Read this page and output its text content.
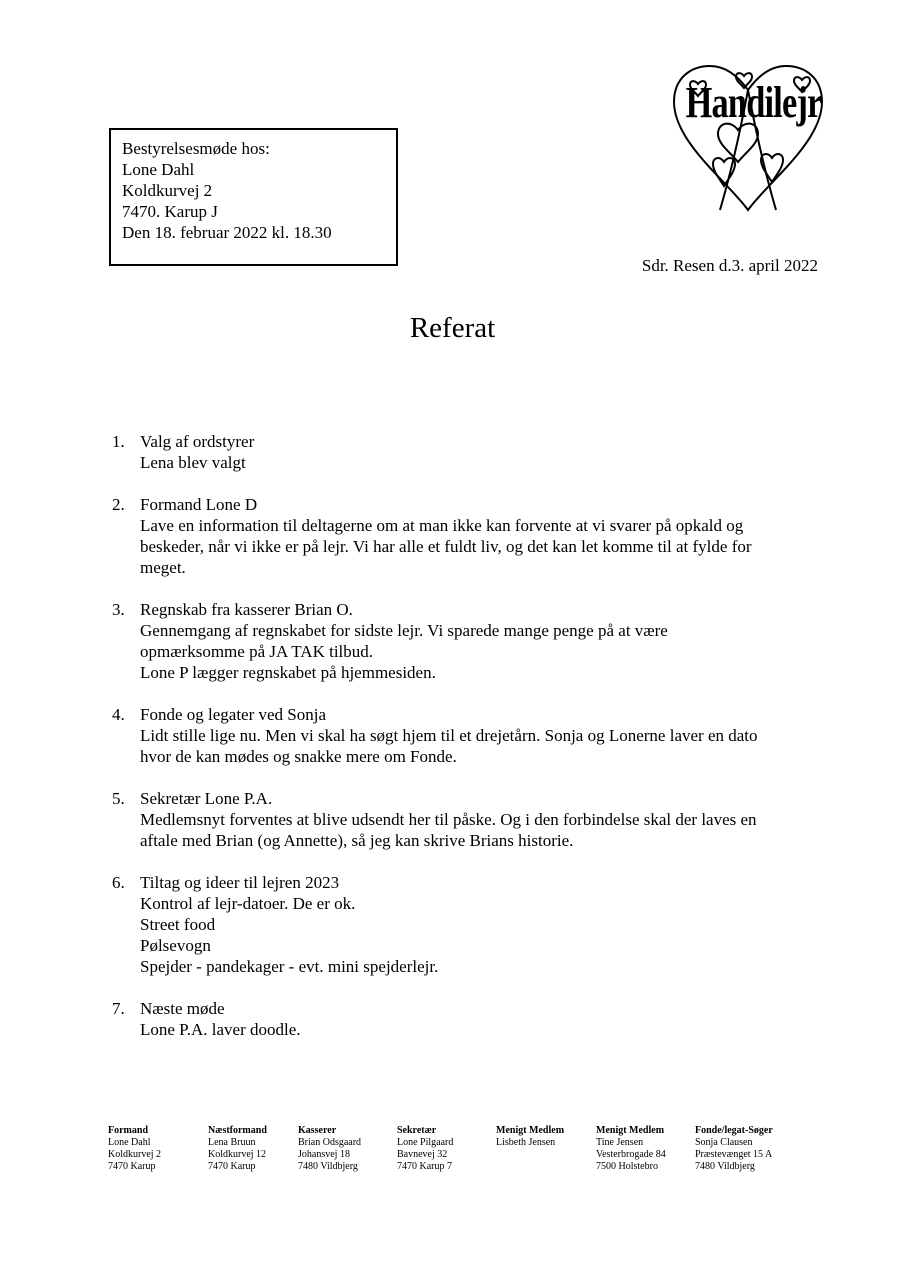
Bestyrelsesmøde hos:
Lone Dahl
Koldkurvej 2
7470. Karup J
Den 18. februar 2022 kl. 18.30
Handilejr
Sdr. Resen d.3. april 2022
Referat
1. Valg af ordstyrer
Lena blev valgt
2. Formand Lone D
Lave en information til deltagerne om at man ikke kan forvente at vi svarer på opkald og
beskeder, når vi ikke er på lejr. Vi har alle et fuldt liv, og det kan let komme til at fylde for
meget.
3. Regnskab fra kasserer Brian O.
Gennemgang af regnskabet for sidste lejr. Vi sparede mange penge på at være
opmærksomme på JA TAK tilbud.
Lone P lægger regnskabet på hjemmesiden.
4. Fonde og legater ved Sonja
Lidt stille lige nu. Men vi skal ha søgt hjem til et drejetårn. Sonja og Lonerne laver en dato
hvor de kan mødes og snakke mere om Fonde.
5. Sekretær Lone P.A.
Medlemsnyt forventes at blive udsendt her til påske. Og i den forbindelse skal der laves en
aftale med Brian (og Annette), så jeg kan skrive Brians historie.
6. Tiltag og ideer til lejren 2023
Kontrol af lejr-datoer. De er ok.
Street food
Pølsevogn
Spejder - pandekager - evt. mini spejderlejr.
7. Næste møde
Lone P.A. laver doodle.
Formand
Lone Dahl
Koldkurvej 2
7470 Karup
Næstformand
Lena Bruun
Koldkurvej 12
7470 Karup
Kasserer
Brian Odsgaard
Johansvej 18
7480 Vildbjerg
Sekretær
Lone Pilgaard
Bavnevej 32
7470 Karup 7
Menigt Medlem
Lisbeth Jensen
Menigt Medlem
Tine Jensen
Vesterbrogade 84
7500 Holstebro
Fonde/legat-Søger
Sonja Clausen
Præstevænget 15 A
7480 Vildbjerg
